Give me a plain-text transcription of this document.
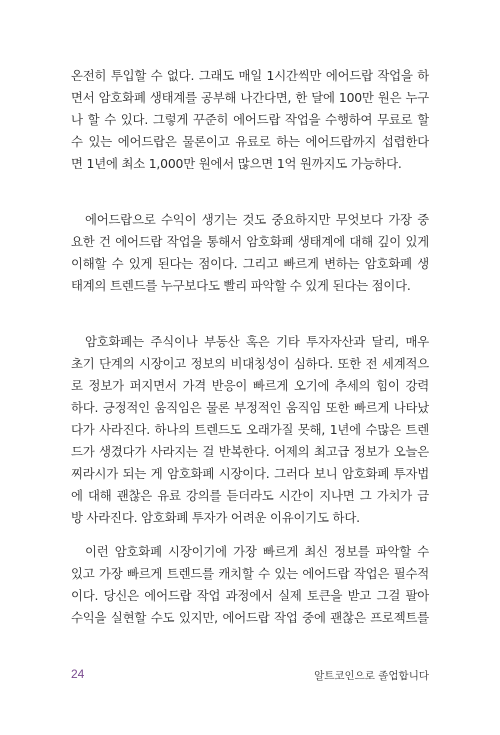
온전히 투입할 수 없다. 그래도 매일 1시간씩만 에어드랍 작업을 하
면서 암호화폐 생태계를 공부해 나간다면, 한 달에 100만 원은 누구
나 할 수 있다. 그렇게 꾸준히 에어드랍 작업을 수행하여 무료로 할
수 있는 에어드랍은 물론이고 유료로 하는 에어드랍까지 섭렵한다
면 1년에 최소 1,000만 원에서 많으면 1억 원까지도 가능하다.
에어드랍으로 수익이 생기는 것도 중요하지만 무엇보다 가장 중
요한 건 에어드랍 작업을 통해서 암호화폐 생태계에 대해 깊이 있게
이해할 수 있게 된다는 점이다. 그리고 빠르게 변하는 암호화폐 생
태계의 트렌드를 누구보다도 빨리 파악할 수 있게 된다는 점이다.
암호화폐는 주식이나 부동산 혹은 기타 투자자산과 달리, 매우
초기 단계의 시장이고 정보의 비대칭성이 심하다. 또한 전 세계적으
로 정보가 퍼지면서 가격 반응이 빠르게 오기에 추세의 힘이 강력
하다. 긍정적인 움직임은 물론 부정적인 움직임 또한 빠르게 나타났
다가 사라진다. 하나의 트렌드도 오래가질 못해, 1년에 수많은 트렌
드가 생겼다가 사라지는 걸 반복한다. 어제의 최고급 정보가 오늘은
찌라시가 되는 게 암호화폐 시장이다. 그러다 보니 암호화폐 투자법
에 대해 괜찮은 유료 강의를 듣더라도 시간이 지나면 그 가치가 금
방 사라진다. 암호화폐 투자가 어려운 이유이기도 하다.
이런 암호화폐 시장이기에 가장 빠르게 최신 정보를 파악할 수
있고 가장 빠르게 트렌드를 캐치할 수 있는 에어드랍 작업은 필수적
이다. 당신은 에어드랍 작업 과정에서 실제 토큰을 받고 그걸 팔아
수익을 실현할 수도 있지만, 에어드랍 작업 중에 괜찮은 프로젝트를
24	알트코인으로 졸업합니다
